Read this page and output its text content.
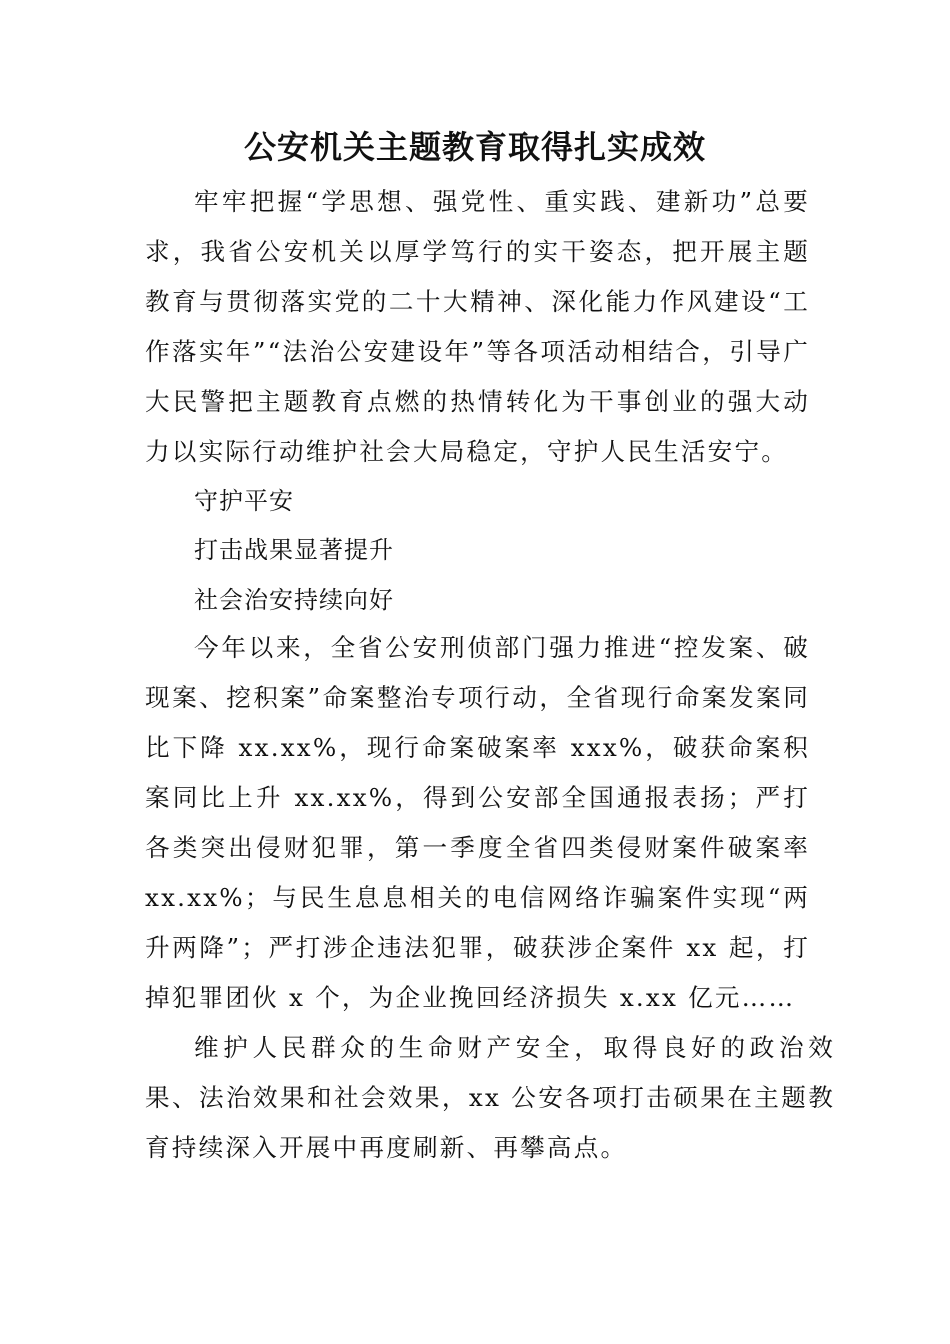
公安机关主题教育取得扎实成效

牢牢把握“学思想、强党性、重实践、建新功”总要求，我省公安机关以厚学笃行的实干姿态，把开展主题教育与贯彻落实党的二十大精神、深化能力作风建设“工作落实年”“法治公安建设年”等各项活动相结合，引导广大民警把主题教育点燃的热情转化为干事创业的强大动力以实际行动维护社会大局稳定，守护人民生活安宁。

守护平安

打击战果显著提升

社会治安持续向好

今年以来，全省公安刑侦部门强力推进“控发案、破现案、挖积案”命案整治专项行动，全省现行命案发案同比下降 xx.xx%，现行命案破案率 xxx%，破获命案积案同比上升 xx.xx%，得到公安部全国通报表扬；严打各类突出侵财犯罪，第一季度全省四类侵财案件破案率 xx.xx%；与民生息息相关的电信网络诈骗案件实现“两升两降”；严打涉企违法犯罪，破获涉企案件 xx 起，打掉犯罪团伙 x 个，为企业挽回经济损失 x.xx 亿元……

维护人民群众的生命财产安全，取得良好的政治效果、法治效果和社会效果，xx 公安各项打击硕果在主题教育持续深入开展中再度刷新、再攀高点。
